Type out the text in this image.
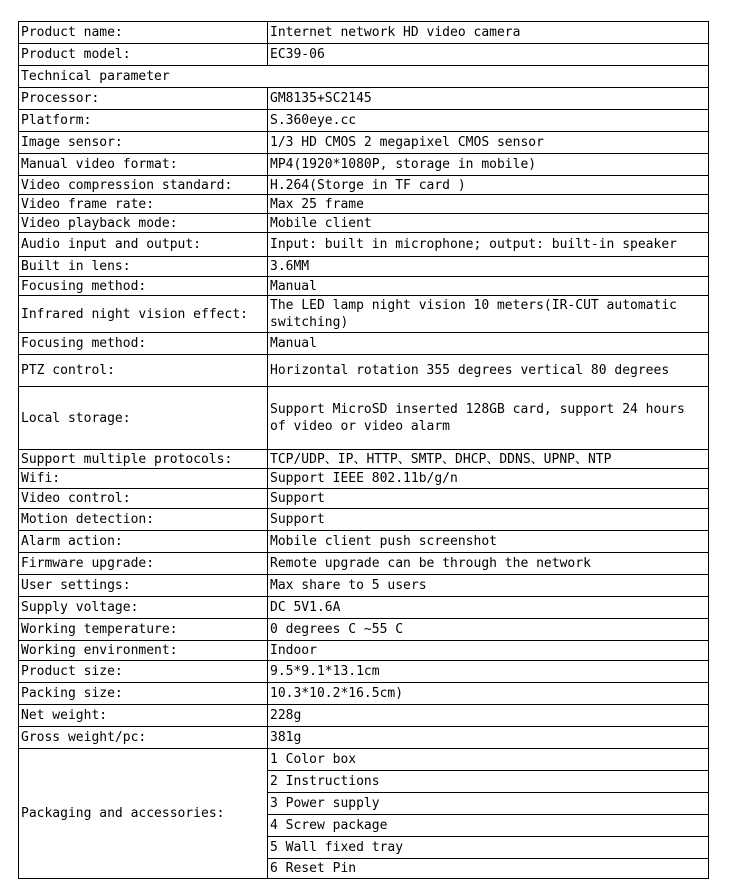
Product name:	Internet network HD video camera
Product model:	EC39-06
Technical parameter	
Processor:	GM8135+SC2145
Platform:	S.360eye.cc
Image sensor:	1/3 HD CMOS 2 megapixel CMOS sensor
Manual video format:	MP4(1920*1080P, storage in mobile)
Video compression standard:	H.264(Storge in TF card )
Video frame rate:	Max 25 frame
Video playback mode:	Mobile client
Audio input and output:	Input: built in microphone; output: built-in speaker
Built in lens:	3.6MM
Focusing method:	Manual
Infrared night vision effect:	The LED lamp night vision 10 meters(IR-CUT automatic switching)
Focusing method:	Manual
PTZ control:	Horizontal rotation 355 degrees vertical 80 degrees
Local storage:	Support MicroSD inserted 128GB card, support 24 hours of video or video alarm
Support multiple protocols:	TCP/UDP、IP、HTTP、SMTP、DHCP、DDNS、UPNP、NTP
Wifi:	Support IEEE 802.11b/g/n
Video control:	Support
Motion detection:	Support
Alarm action:	Mobile client push screenshot
Firmware upgrade:	Remote upgrade can be through the network
User settings:	Max share to 5 users
Supply voltage:	DC 5V1.6A
Working temperature:	0 degrees C ~55 C
Working environment:	Indoor
Product size:	9.5*9.1*13.1cm
Packing size:	10.3*10.2*16.5cm)
Net weight:	228g
Gross weight/pc:	381g
Packaging and accessories:	1 Color box
	2 Instructions
	3 Power supply
	4 Screw package
	5 Wall fixed tray
	6 Reset Pin
